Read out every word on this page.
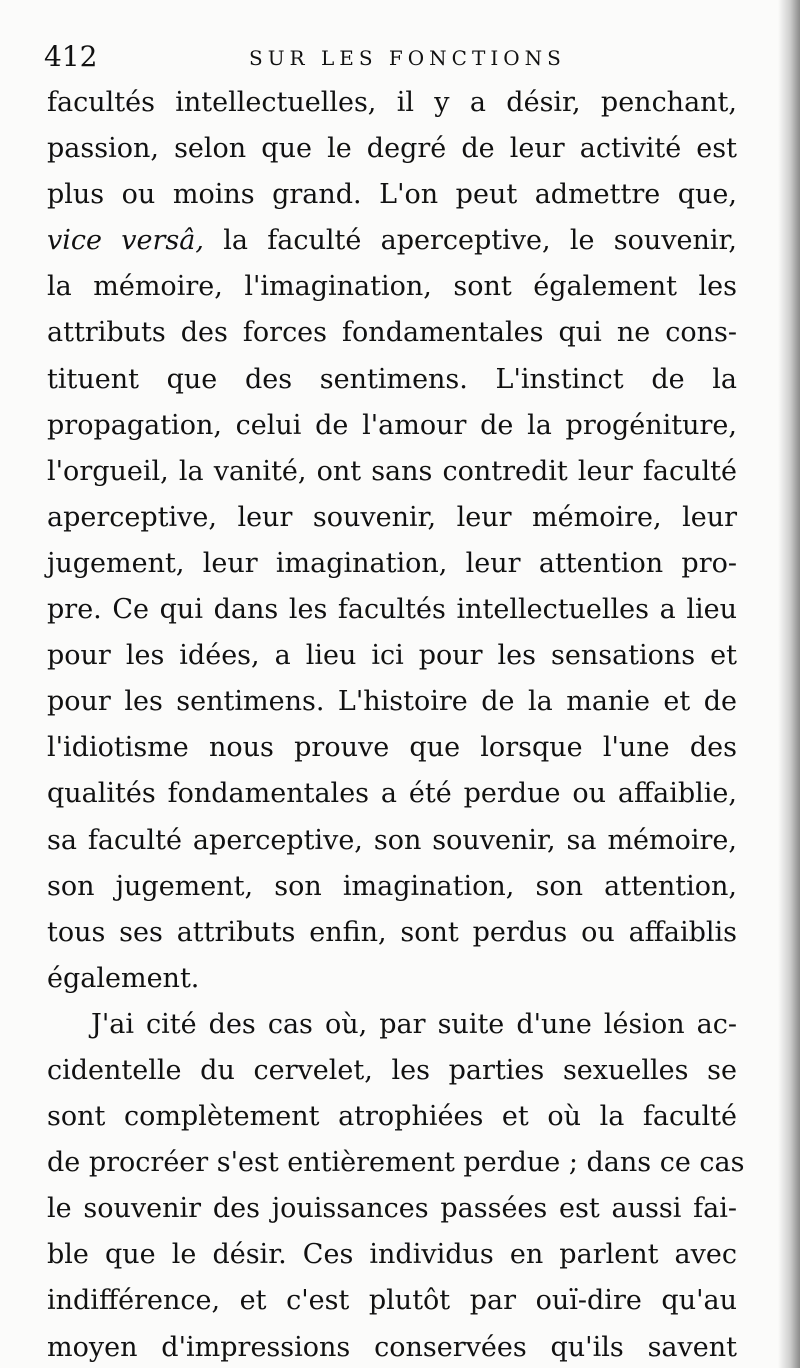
412	SUR LES FONCTIONS
facultés intellectuelles, il y a désir, penchant,
passion, selon que le degré de leur activité est
plus ou moins grand. L'on peut admettre que,
vice versâ, la faculté aperceptive, le souvenir,
la mémoire, l'imagination, sont également les
attributs des forces fondamentales qui ne cons-
tituent que des sentimens. L'instinct de la
propagation, celui de l'amour de la progéniture,
l'orgueil, la vanité, ont sans contredit leur faculté
aperceptive, leur souvenir, leur mémoire, leur
jugement, leur imagination, leur attention pro-
pre. Ce qui dans les facultés intellectuelles a lieu
pour les idées, a lieu ici pour les sensations et
pour les sentimens. L'histoire de la manie et de
l'idiotisme nous prouve que lorsque l'une des
qualités fondamentales a été perdue ou affaiblie,
sa faculté aperceptive, son souvenir, sa mémoire,
son jugement, son imagination, son attention,
tous ses attributs enfin, sont perdus ou affaiblis
également.
J'ai cité des cas où, par suite d'une lésion ac-
cidentelle du cervelet, les parties sexuelles se
sont complètement atrophiées et où la faculté
de procréer s'est entièrement perdue ; dans ce cas
le souvenir des jouissances passées est aussi fai-
ble que le désir. Ces individus en parlent avec
indifférence, et c'est plutôt par ouï-dire qu'au
moyen d'impressions conservées qu'ils savent
